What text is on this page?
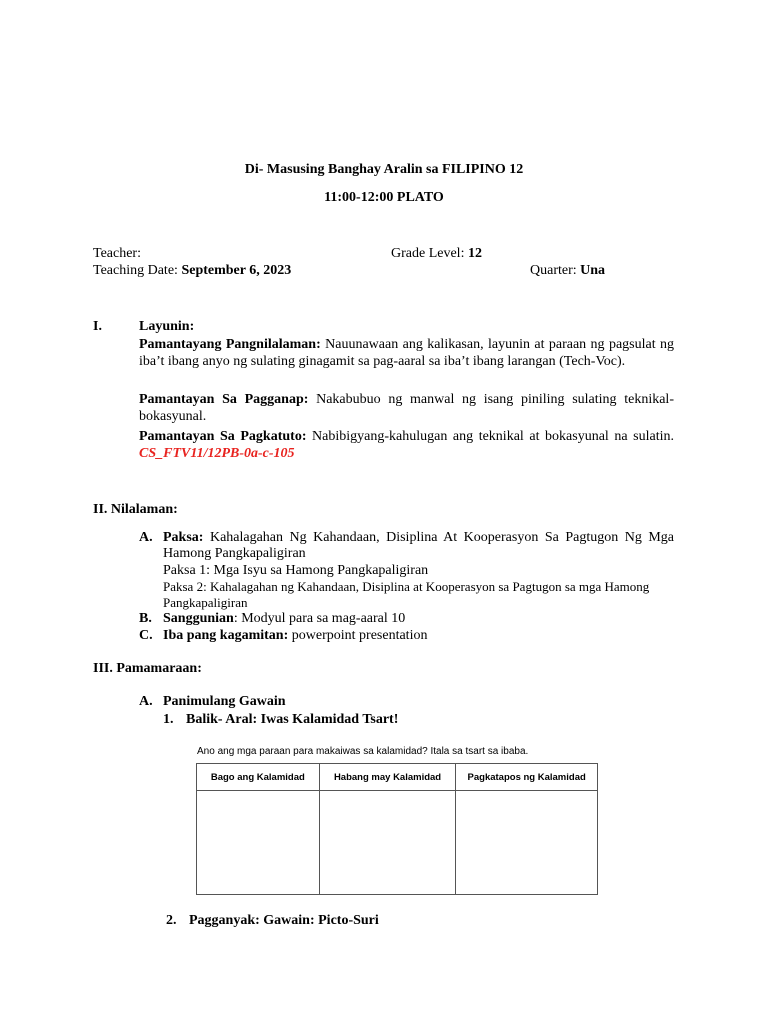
Di- Masusing Banghay Aralin sa FILIPINO 12
11:00-12:00 PLATO
Teacher:	Grade Level: 12
Teaching Date: September 6, 2023	Quarter: Una
I.	Layunin:
Pamantayang Pangnilalaman: Nauunawaan ang kalikasan, layunin at paraan ng pagsulat ng iba’t ibang anyo ng sulating ginagamit sa pag-aaral sa iba’t ibang larangan (Tech-Voc).
Pamantayan Sa Pagganap: Nakabubuo ng manwal ng isang piniling sulating teknikal-bokasyunal.
Pamantayan Sa Pagkatuto: Nabibigyang-kahulugan ang teknikal at bokasyunal na sulatin. CS_FTV11/12PB-0a-c-105
II. Nilalaman:
A. Paksa: Kahalagahan Ng Kahandaan, Disiplina At Kooperasyon Sa Pagtugon Ng Mga Hamong Pangkapaligiran
Paksa 1: Mga Isyu sa Hamong Pangkapaligiran
Paksa 2: Kahalagahan ng Kahandaan, Disiplina at Kooperasyon sa Pagtugon sa mga Hamong Pangkapaligiran
B. Sanggunian: Modyul para sa mag-aaral 10
C. Iba pang kagamitan: powerpoint presentation
III. Pamamaraan:
A. Panimulang Gawain
1. Balik- Aral: Iwas Kalamidad Tsart!
Ano ang mga paraan para makaiwas sa kalamidad? Itala sa tsart sa ibaba.
Bago ang Kalamidad	Habang may Kalamidad	Pagkatapos ng Kalamidad

2. Pagganyak: Gawain: Picto-Suri
